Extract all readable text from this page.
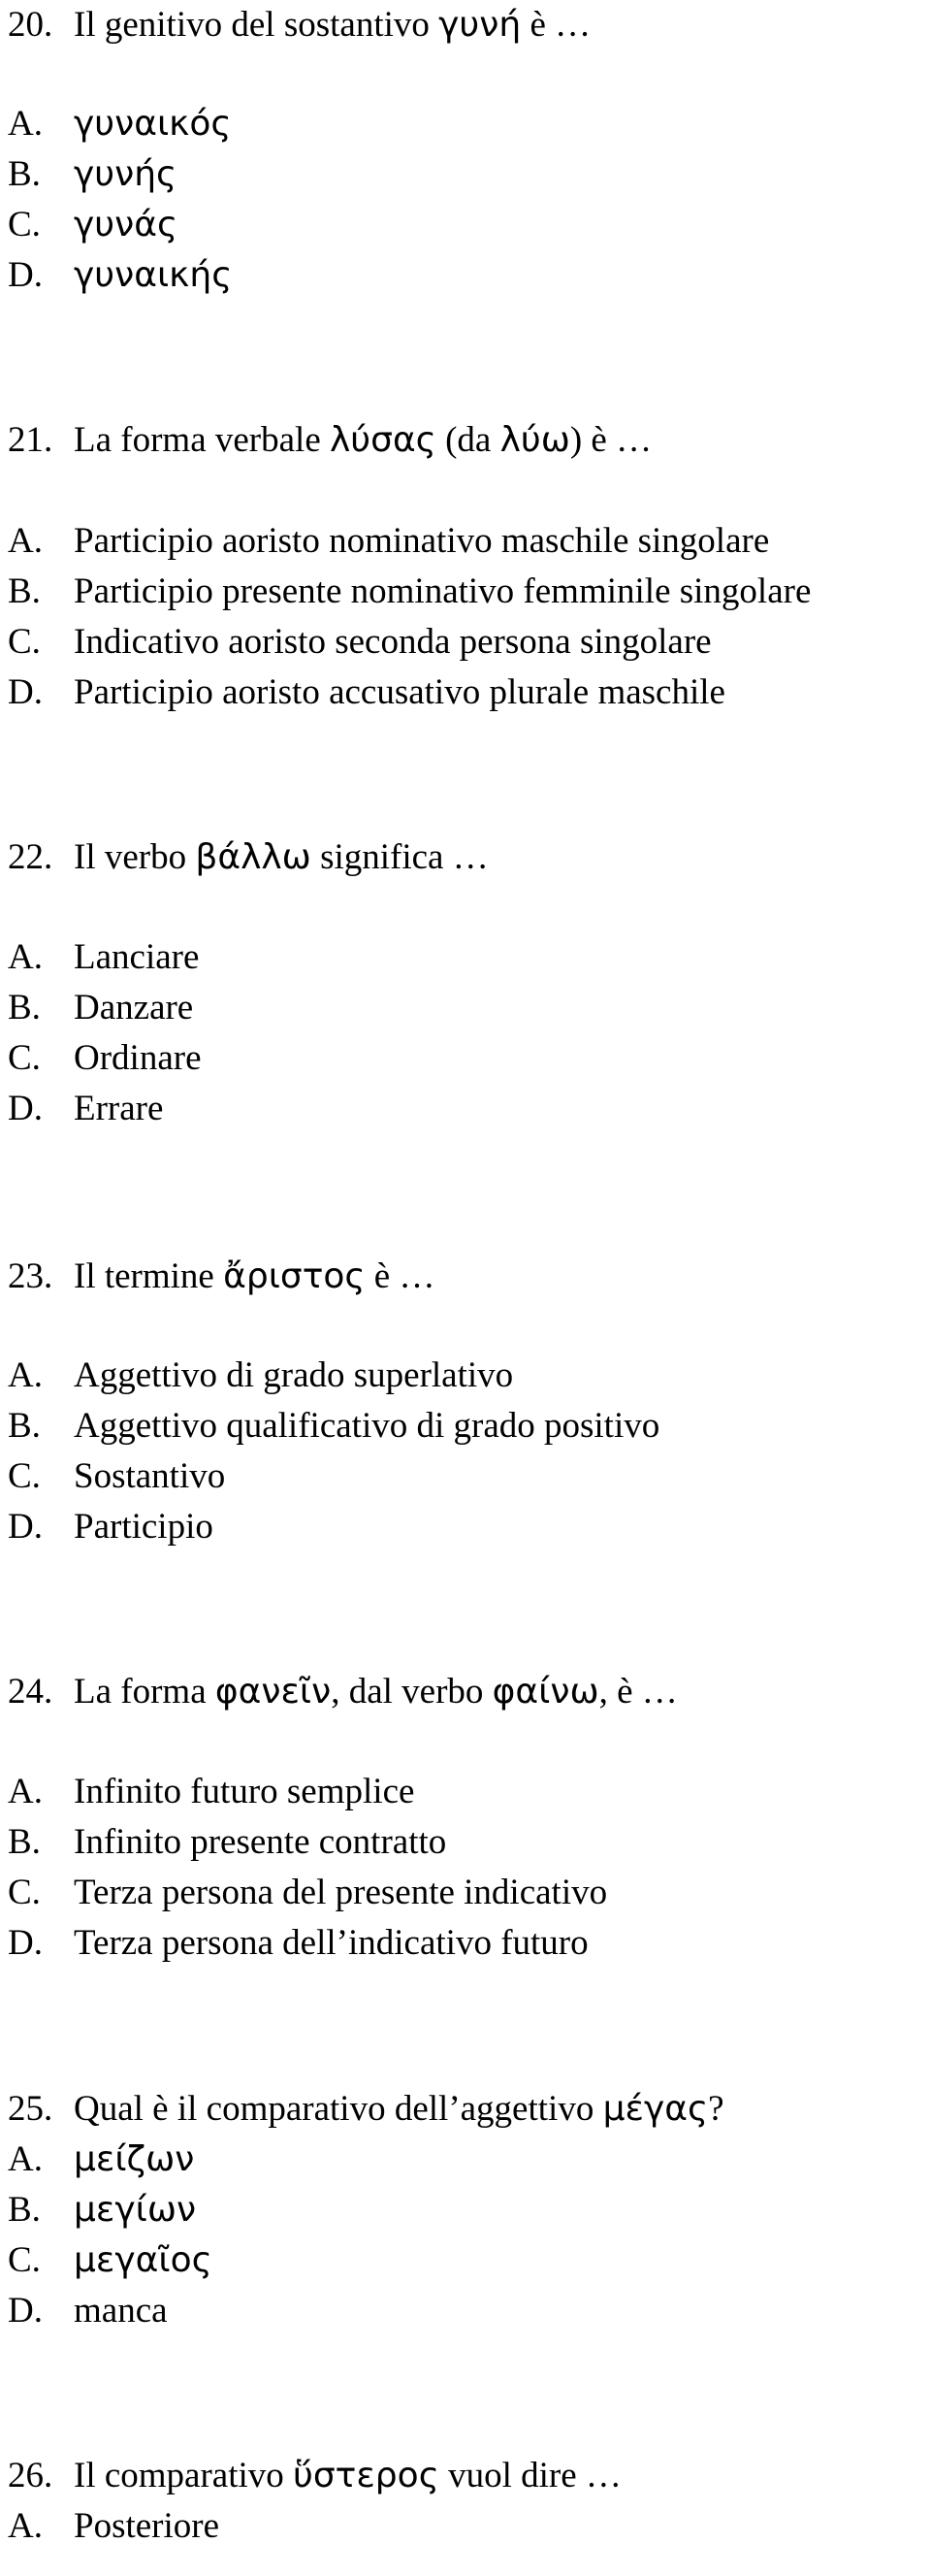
20. Il genitivo del sostantivo γυνή è …
A. γυναικός
B. γυνής
C. γυνάς
D. γυναικής
21. La forma verbale λύσας (da λύω) è …
A. Participio aoristo nominativo maschile singolare
B. Participio presente nominativo femminile singolare
C. Indicativo aoristo seconda persona singolare
D. Participio aoristo accusativo plurale maschile
22. Il verbo βάλλω significa …
A. Lanciare
B. Danzare
C. Ordinare
D. Errare
23. Il termine ἄριστος è …
A. Aggettivo di grado superlativo
B. Aggettivo qualificativo di grado positivo
C. Sostantivo
D. Participio
24. La forma φανεῖν, dal verbo φαίνω, è …
A. Infinito futuro semplice
B. Infinito presente contratto
C. Terza persona del presente indicativo
D. Terza persona dell’indicativo futuro
25. Qual è il comparativo dell’aggettivo μέγας?
A. μείζων
B. μεγίων
C. μεγαῖος
D. manca
26. Il comparativo ὕστερος vuol dire …
A. Posteriore
